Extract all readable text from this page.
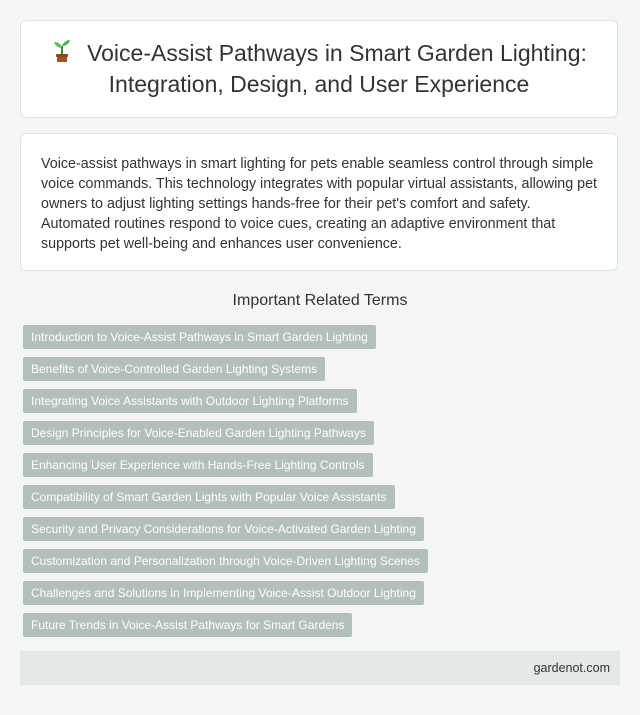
Voice-Assist Pathways in Smart Garden Lighting: Integration, Design, and User Experience

Voice-assist pathways in smart lighting for pets enable seamless control through simple voice commands. This technology integrates with popular virtual assistants, allowing pet owners to adjust lighting settings hands-free for their pet's comfort and safety. Automated routines respond to voice cues, creating an adaptive environment that supports pet well-being and enhances user convenience.

Important Related Terms
Introduction to Voice-Assist Pathways in Smart Garden Lighting
Benefits of Voice-Controlled Garden Lighting Systems
Integrating Voice Assistants with Outdoor Lighting Platforms
Design Principles for Voice-Enabled Garden Lighting Pathways
Enhancing User Experience with Hands-Free Lighting Controls
Compatibility of Smart Garden Lights with Popular Voice Assistants
Security and Privacy Considerations for Voice-Activated Garden Lighting
Customization and Personalization through Voice-Driven Lighting Scenes
Challenges and Solutions in Implementing Voice-Assist Outdoor Lighting
Future Trends in Voice-Assist Pathways for Smart Gardens
gardenot.com
